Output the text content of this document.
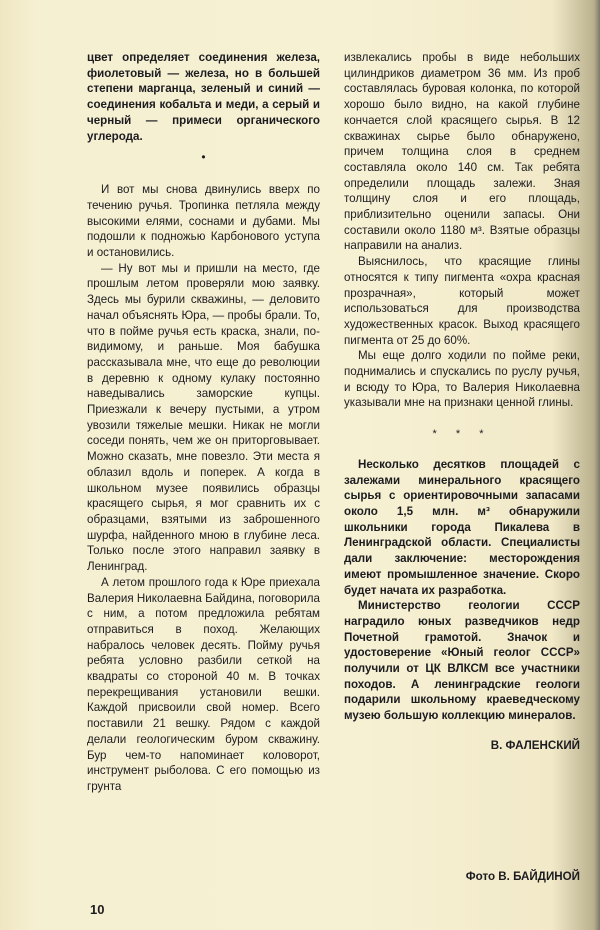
цвет определяет соединения железа, фиолетовый — железа, но в большей степени марганца, зеленый и синий — соединения кобальта и меди, а серый и черный — примеси органического углерода.

•

И вот мы снова двинулись вверх по течению ручья. Тропинка петляла между высокими елями, соснами и дубами. Мы подошли к подножью Карбонового уступа и остановились.

— Ну вот мы и пришли на место, где прошлым летом проверяли мою заявку. Здесь мы бурили скважины, — деловито начал объяснять Юра, — пробы брали. То, что в пойме ручья есть краска, знали, по-видимому, и раньше. Моя бабушка рассказывала мне, что еще до революции в деревню к одному кулаку постоянно наведывались заморские купцы. Приезжали к вечеру пустыми, а утром увозили тяжелые мешки. Никак не могли соседи понять, чем же он приторговывает. Можно сказать, мне повезло. Эти места я облазил вдоль и поперек. А когда в школьном музее появились образцы красящего сырья, я мог сравнить их с образцами, взятыми из заброшенного шурфа, найденного мною в глубине леса. Только после этого направил заявку в Ленинград.

А летом прошлого года к Юре приехала Валерия Николаевна Байдина, поговорила с ним, а потом предложила ребятам отправиться в поход. Желающих набралось человек десять. Пойму ручья ребята условно разбили сеткой на квадраты со стороной 40 м. В точках перекрещивания установили вешки. Каждой присвоили свой номер. Всего поставили 21 вешку. Рядом с каждой делали геологическим буром скважину. Бур чем-то напоминает коловорот, инструмент рыболова. С его помощью из грунта

извлекались пробы в виде небольших цилиндриков диаметром 36 мм. Из проб составлялась буровая колонка, по которой хорошо было видно, на какой глубине кончается слой красящего сырья. В 12 скважинах сырье было обнаружено, причем толщина слоя в среднем составляла около 140 см. Так ребята определили площадь залежи. Зная толщину слоя и его площадь, приблизительно оценили запасы. Они составили около 1180 м³. Взятые образцы направили на анализ.

Выяснилось, что красящие глины относятся к типу пигмента «охра красная прозрачная», который может использоваться для производства художественных красок. Выход красящего пигмента от 25 до 60%.

Мы еще долго ходили по пойме реки, поднимались и спускались по руслу ручья, и всюду то Юра, то Валерия Николаевна указывали мне на признаки ценной глины.

* * *

Несколько десятков площадей с залежами минерального красящего сырья с ориентировочными запасами около 1,5 млн. м³ обнаружили школьники города Пикалева в Ленинградской области. Специалисты дали заключение: месторождения имеют промышленное значение. Скоро будет начата их разработка.

Министерство геологии СССР наградило юных разведчиков недр Почетной грамотой. Значок и удостоверение «Юный геолог СССР» получили от ЦК ВЛКСМ все участники походов. А ленинградские геологи подарили школьному краеведческому музею большую коллекцию минералов.

В. ФАЛЕНСКИЙ
Фото В. БАЙДИНОЙ
10
